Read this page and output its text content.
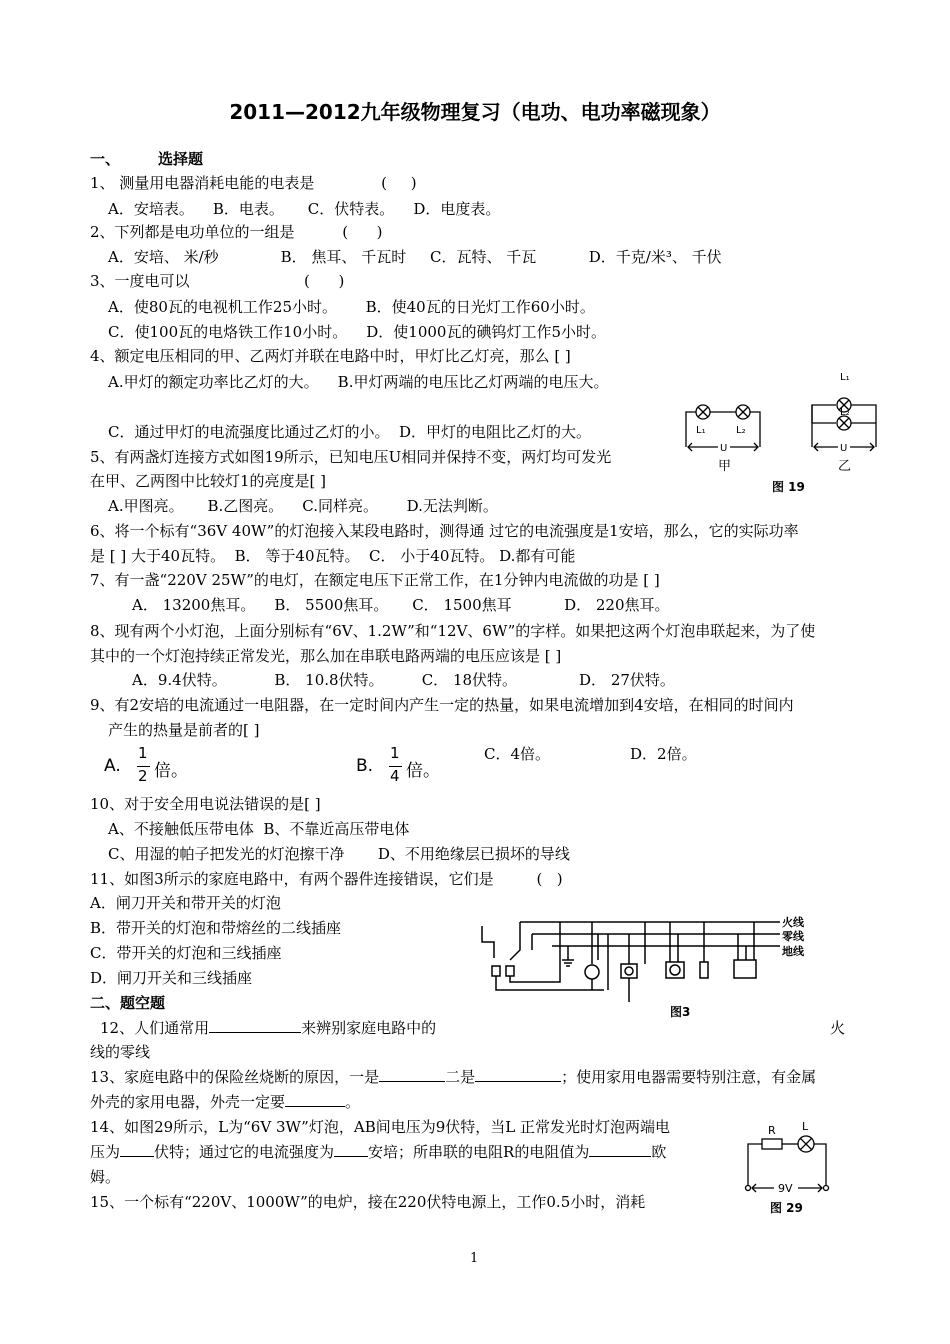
2011—2012九年级物理复习（电功、电功率磁现象）
一、	选择题
1、 测量用电器消耗电能的电表是              (     )
A．安培表。    B．电表。     C．伏特表。    D．电度表。
2、下列都是电功单位的一组是          (      )
A．安培、 米/秒             B． 焦耳、 千瓦时     C．瓦特、 千瓦           D．千克/米³、 千伏
3、一度电可以                        (      )
A．使80瓦的电视机工作25小时。      B．使40瓦的日光灯工作60小时。
C．使100瓦的电烙铁工作10小时。    D．使1000瓦的碘钨灯工作5小时。
4、额定电压相同的甲、乙两灯并联在电路中时，甲灯比乙灯亮，那么 [ ]
A.甲灯的额定功率比乙灯的大。    B.甲灯两端的电压比乙灯两端的电压大。
C．通过甲灯的电流强度比通过乙灯的小。  D．甲灯的电阻比乙灯的大。
5、有两盏灯连接方式如图19所示，已知电压U相同并保持不变，两灯均可发光
在甲、乙两图中比较灯1的亮度是[ ]
A.甲图亮。     B.乙图亮。    C.同样亮。      D.无法判断。
6、将一个标有“36V 40W”的灯泡接入某段电路时，测得通 过它的电流强度是1安培，那么，它的实际功率
是 [ ] 大于40瓦特。  B． 等于40瓦特。  C． 小于40瓦特。 D.都有可能
7、有一盏“220V 25W”的电灯，在额定电压下正常工作，在1分钟内电流做的功是 [ ]
A． 13200焦耳。    B． 5500焦耳。     C． 1500焦耳           D． 220焦耳。
8、现有两个小灯泡，上面分别标有“6V、1.2W”和“12V、6W”的字样。如果把这两个灯泡串联起来，为了使
其中的一个灯泡持续正常发光，那么加在串联电路两端的电压应该是 [ ]
A．9.4伏特。          B． 10.8伏特。        C． 18伏特。             D． 27伏特。
9、有2安培的电流通过一电阻器，在一定时间内产生一定的热量，如果电流增加到4安培，在相同的时间内
产生的热量是前者的[ ]
A.
1
2 倍。	B.
1
4 倍。
C．4倍。	D．2倍。
10、对于安全用电说法错误的是[ ]
A、不接触低压带电体  B、不靠近高压带电体
C、用湿的帕子把发光的灯泡擦干净       D、不用绝缘层已损坏的导线
11、如图3所示的家庭电路中，有两个器件连接错误，它们是         (   )
A．闸刀开关和带开关的灯泡
B．带开关的灯泡和带熔丝的二线插座
C．带开关的灯泡和三线插座
D．闸刀开关和三线插座
二、题空题
12、人们通常用	来辨别家庭电路中的	火
线的零线
13、家庭电路中的保险丝烧断的原因，一是	二是	；使用家用电器需要特别注意，有金属
外壳的家用电器，外壳一定要	。
14、如图29所示，L为“6V 3W”灯泡，AB间电压为9伏特，当L 正常发光时灯泡两端电
压为 伏特；通过它的电流强度为 安培；所串联的电阻R的电阻值为	欧
姆。
15、一个标有“220V、1000W”的电炉，接在220伏特电源上，工作0.5小时，消耗
1
L₁	L₂
U
甲
L₁
L₂
U
乙
图 19
火线
零线
地线
图3
R L
9V
图 29
